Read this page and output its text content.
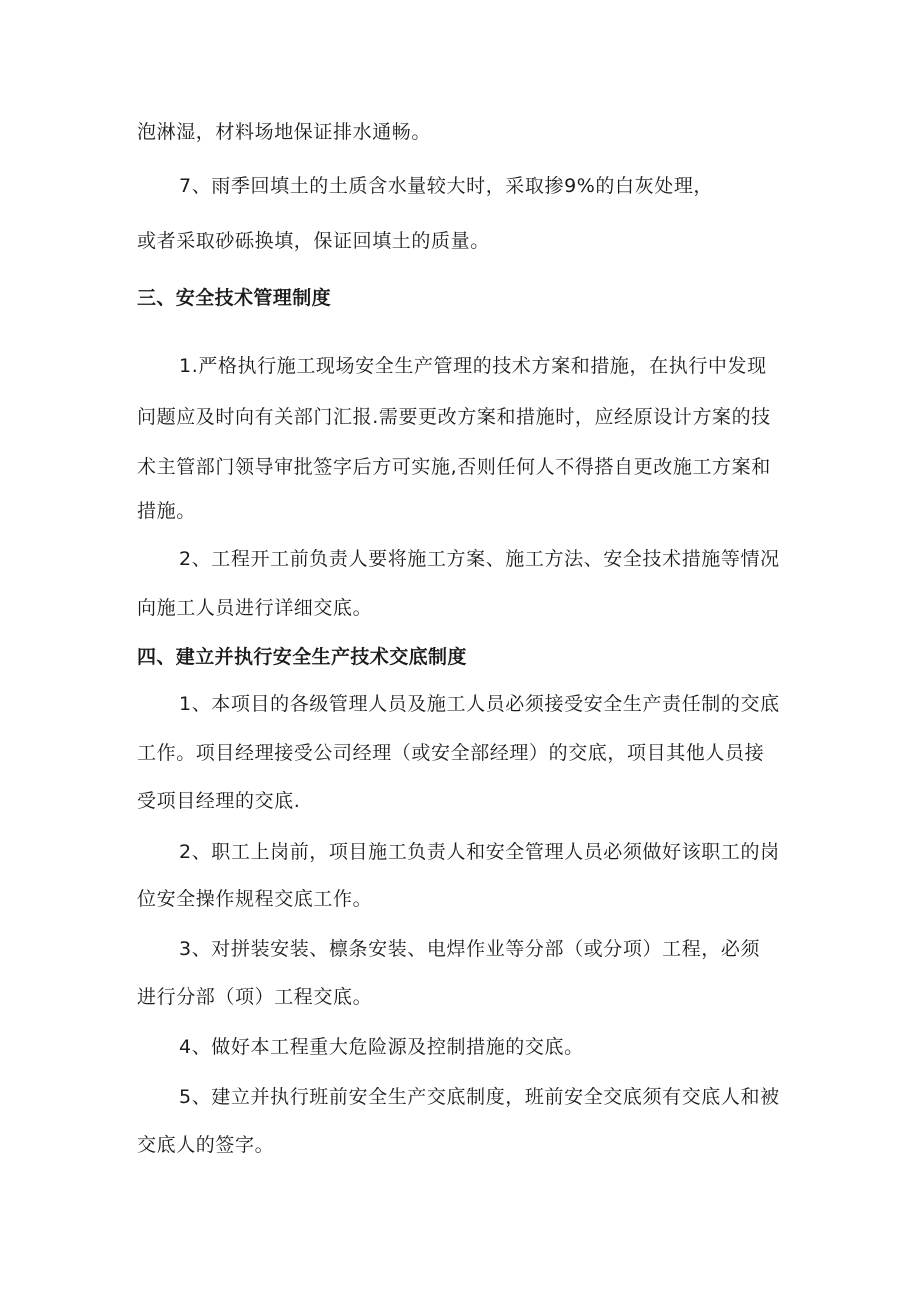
泡淋湿，材料场地保证排水通畅。

7、雨季回填土的土质含水量较大时，采取掺9%的白灰处理，

或者采取砂砾换填，保证回填土的质量。

三、安全技术管理制度

1.严格执行施工现场安全生产管理的技术方案和措施，在执行中发现

问题应及时向有关部门汇报.需要更改方案和措施时，应经原设计方案的技

术主管部门领导审批签字后方可实施,否则任何人不得搭自更改施工方案和

措施。

2、工程开工前负责人要将施工方案、施工方法、安全技术措施等情况

向施工人员进行详细交底。

四、建立并执行安全生产技术交底制度

1、本项目的各级管理人员及施工人员必须接受安全生产责任制的交底

工作。项目经理接受公司经理（或安全部经理）的交底，项目其他人员接

受项目经理的交底.

2、职工上岗前，项目施工负责人和安全管理人员必须做好该职工的岗

位安全操作规程交底工作。

3、对拼装安装、檩条安装、电焊作业等分部（或分项）工程，必须

进行分部（项）工程交底。

4、做好本工程重大危险源及控制措施的交底。

5、建立并执行班前安全生产交底制度，班前安全交底须有交底人和被

交底人的签字。
